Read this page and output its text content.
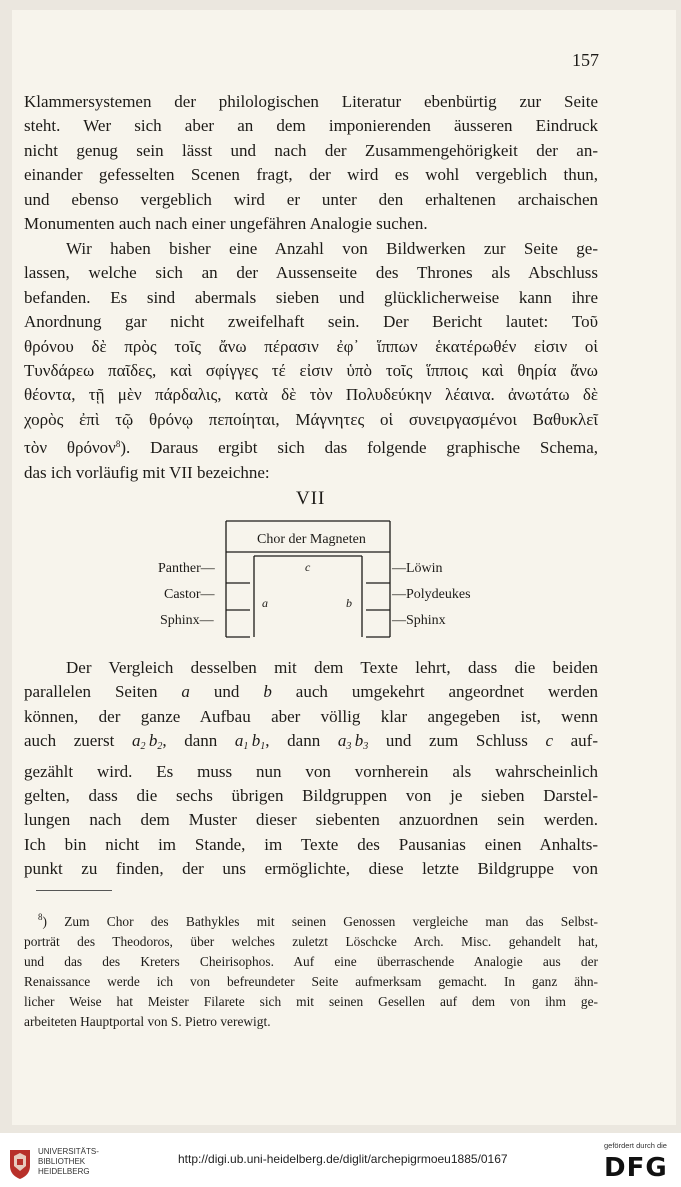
157
Klammersystemen der philologischen Literatur ebenbürtig zur Seite
steht. Wer sich aber an dem imponierenden äusseren Eindruck
nicht genug sein lässt und nach der Zusammengehörigkeit der an-
einander gefesselten Scenen fragt, der wird es wohl vergeblich thun,
und ebenso vergeblich wird er unter den erhaltenen archaischen
Monumenten auch nach einer ungefähren Analogie suchen.
Wir haben bisher eine Anzahl von Bildwerken zur Seite ge-
lassen, welche sich an der Aussenseite des Thrones als Abschluss
befanden. Es sind abermals sieben und glücklicherweise kann ihre
Anordnung gar nicht zweifelhaft sein. Der Bericht lautet: Τοῦ
θρόνου δὲ πρὸς τοῖς ἄνω πέρασιν ἐφ᾽ ἵππων ἑκατέρωθέν εἰσιν οἱ
Τυνδάρεω παῖδες, καὶ σφίγγες τέ εἰσιν ὑπὸ τοῖς ἵπποις καὶ θηρία ἄνω
θέοντα, τῇ μὲν πάρδαλις, κατὰ δὲ τὸν Πολυδεύκην λέαινα. ἀνωτάτω δὲ
χορὸς ἐπὶ τῷ θρόνῳ πεποίηται, Μάγνητες οἱ συνειργασμένοι Βαθυκλεῖ
τὸν θρόνον$^8$). Daraus ergibt sich das folgende graphische Schema,
das ich vorläufig mit VII bezeichne:
VII
Chor der Magneten
c
a	b
Panther—
Castor—
Sphinx—
—Löwin
—Polydeukes
—Sphinx
Der Vergleich desselben mit dem Texte lehrt, dass die beiden
parallelen Seiten a und b auch umgekehrt angeordnet werden
können, der ganze Aufbau aber völlig klar angegeben ist, wenn
auch zuerst $a_2$  $b_2$, dann $a_1$  $b_1$, dann $a_3$  $b_3$ und zum Schluss c auf-
gezählt wird. Es muss nun von vornherein als wahrscheinlich
gelten, dass die sechs übrigen Bildgruppen von je sieben Darstel-
lungen nach dem Muster dieser siebenten anzuordnen sein werden.
Ich bin nicht im Stande, im Texte des Pausanias einen Anhalts-
punkt zu finden, der uns ermöglichte, diese letzte Bildgruppe von
$^8$) Zum Chor des Bathykles mit seinen Genossen vergleiche man das Selbst-
porträt des Theodoros, über welches zuletzt Löschcke Arch. Misc. gehandelt hat,
und das des Kreters Cheirisophos. Auf eine überraschende Analogie aus der
Renaissance werde ich von befreundeter Seite aufmerksam gemacht. In ganz ähn-
licher Weise hat Meister Filarete sich mit seinen Gesellen auf dem von ihm ge-
arbeiteten Hauptportal von S. Pietro verewigt.
UNIVERSITÄTS-
BIBLIOTHEK
HEIDELBERG
http://digi.ub.uni-heidelberg.de/diglit/archepigrmoeu1885/0167
gefördert durch die
DFG
